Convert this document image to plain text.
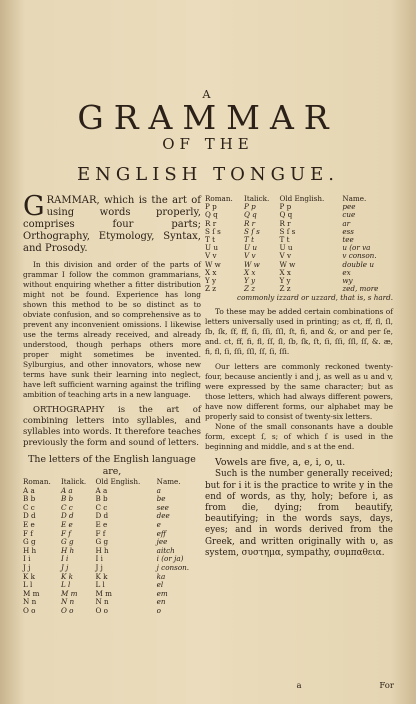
A
GRAMMAR
OF THE
ENGLISH TONGUE.
G RAMMAR, which is the art of using words properly, comprises four parts; Orthography, Etymology, Syntax, and Prosody.

In this division and order of the parts of grammar I follow the common grammarians, without enquiring whether a fitter distribution might not be found. Experience has long shown this method to be so distinct as to obviate confusion, and so comprehensive as to prevent any inconvenient omissions. I likewise use the terms already received, and already understood, though perhaps others more proper might sometimes be invented. Sylburgius, and other innovators, whose new terms have sunk their learning into neglect, have left sufficient warning against the trifling ambition of teaching arts in a new language.

ORTHOGRAPHY is the art of combining letters into syllables, and syllables into words. It therefore teaches previously the form and sound of letters.

The letters of the English language are,
Roman.	Italick.	Old English.	Name.
A a	A a	A a	a
B b	B b	B b	be
C c	C c	C c	see
D d	D d	D d	dee
E e	E e	E e	e
F f	F f	F f	eff
G g	G g	G g	jee
H h	H h	H h	aitch
I i	I i	I i	i (or ja)
J j	J j	J j	j conson.
K k	K k	K k	ka
L l	L l	L l	el
M m	M m	M m	em
N n	N n	N n	en
O o	O o	O o	o
Roman.	Italick.	Old English.	Name.
P p	P p	P p	pee
Q q	Q q	Q q	cue
R r	R r	R r	ar
S ſ s	S ſ s	S ſ s	ess
T t	T t	T t	tee
U u	U u	U u	u (or va
V v	V v	V v	v conson.
W w	W w	W w	double u
X x	X x	X x	ex
Y y	Y y	Y y	wy
Z z	Z z	Z z	zed, more
commonly izzard or uzzard, that is, s hard.

To these may be added certain combinations of letters universally used in printing; as ct, ff, fl, ſl, ſb, ſk, ſf, ff, ſi, ſſi, ſſl, ſt, fi, and &, or and per ſe, and. ct, ff, fi, fl, ſſ, ſl, ſb, ſk, ſt, ſi, ſſi, ſſl, ſſ, &. æ, fi, fl, ſi, ſſi, ſſl, ſſ, ſi, ſſi.

Our letters are commonly reckoned twenty-four, because anciently i and j, as well as u and v, were expressed by the same character; but as those letters, which had always different powers, have now different forms, our alphabet may be properly said to consist of twenty-six letters.

None of the small consonants have a double form, except ſ, s; of which ſ is used in the beginning and middle, and s at the end.

Vowels are five, a, e, i, o, u.

Such is the number generally received; but for i it is the practice to write y in the end of words, as thy, holy; before i, as from die, dying; from beautify, beautifying; in the words says, days, eyes; and in words derived from the Greek, and written originally with υ, as system, συστημα, sympathy, συμπαθεια.

a	For
